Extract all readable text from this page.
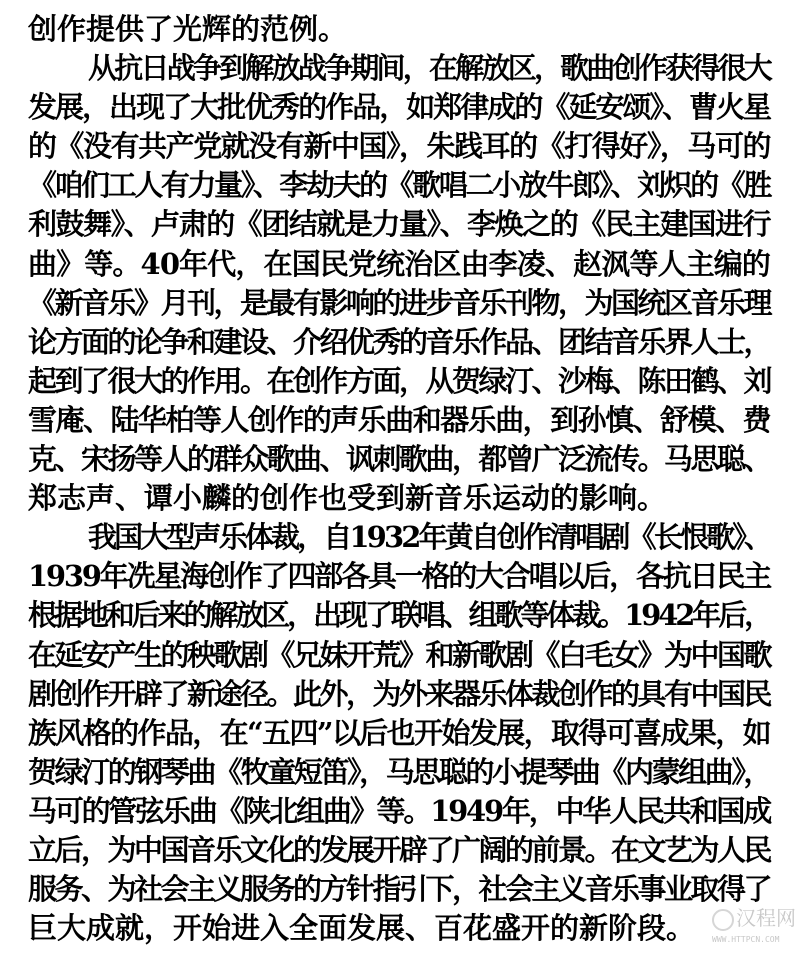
创作提供了光辉的范例。
从抗日战争到解放战争期间，在解放区，歌曲创作获得很大
发展，出现了大批优秀的作品，如郑律成的《延安颂》、曹火星
的《没有共产党就没有新中国》，朱践耳的《打得好》，马可的
《咱们工人有力量》、李劫夫的《歌唱二小放牛郎》、刘炽的《胜
利鼓舞》、卢肃的《团结就是力量》、李焕之的《民主建国进行
曲》等。40年代，在国民党统治区由李凌、赵沨等人主编的
《新音乐》月刊，是最有影响的进步音乐刊物，为国统区音乐理
论方面的论争和建设、介绍优秀的音乐作品、团结音乐界人士，
起到了很大的作用。在创作方面，从贺绿汀、沙梅、陈田鹤、刘
雪庵、陆华柏等人创作的声乐曲和器乐曲，到孙慎、舒模、费
克、宋扬等人的群众歌曲、讽刺歌曲，都曾广泛流传。马思聪、
郑志声、谭小麟的创作也受到新音乐运动的影响。
我国大型声乐体裁，自1932年黄自创作清唱剧《长恨歌》、
1939年冼星海创作了四部各具一格的大合唱以后，各抗日民主
根据地和后来的解放区，出现了联唱、组歌等体裁。1942年后，
在延安产生的秧歌剧《兄妹开荒》和新歌剧《白毛女》为中国歌
剧创作开辟了新途径。此外，为外来器乐体裁创作的具有中国民
族风格的作品，在“五四”以后也开始发展，取得可喜成果，如
贺绿汀的钢琴曲《牧童短笛》，马思聪的小提琴曲《内蒙组曲》，
马可的管弦乐曲《陕北组曲》等。1949年，中华人民共和国成
立后，为中国音乐文化的发展开辟了广阔的前景。在文艺为人民
服务、为社会主义服务的方针指引下，社会主义音乐事业取得了
巨大成就，开始进入全面发展、百花盛开的新阶段。	汉程网
WWW.HTTPCN.COM
